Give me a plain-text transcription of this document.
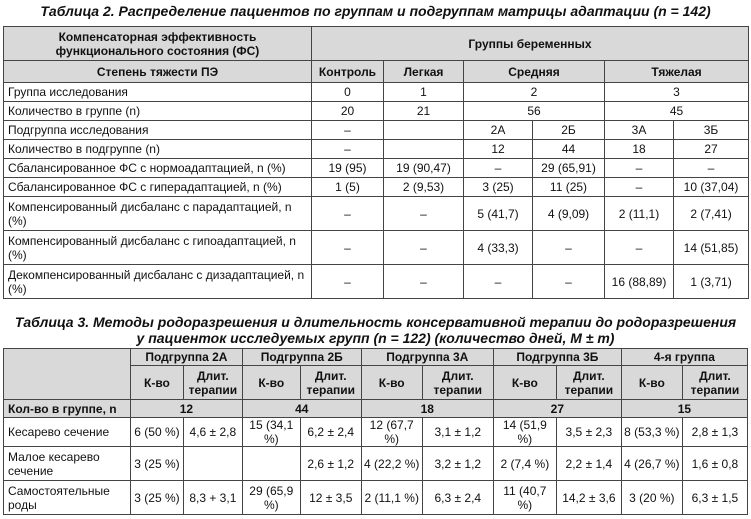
Таблица 2. Распределение пациентов по группам и подгруппам матрицы адаптации (n = 142)
Компенсаторная эффективность функционального состояния (ФС)	Группы беременных					
Степень тяжести ПЭ	Контроль	Легкая	Средняя		Тяжелая	
Группа исследования	0	1	2		3	
Количество в группе (n)	20	21	56		45	
Подгруппа исследования	–		2А	2Б	3А	3Б
Количество в подгруппе (n)	–		12	44	18	27
Сбалансированное ФС с нормоадаптацией, n (%)	19 (95)	19 (90,47)	–	29 (65,91)	–	–
Сбалансированное ФС с гиперадаптацией, n (%)	1 (5)	2 (9,53)	3 (25)	11 (25)	–	10 (37,04)
Компенсированный дисбаланс с парадаптацией, n (%)	–	–	5 (41,7)	4 (9,09)	2 (11,1)	2 (7,41)
Компенсированный дисбаланс с гипоадаптацией, n (%)	–	–	4 (33,3)	–	–	14 (51,85)
Декомпенсированный дисбаланс с дизадаптацией, n (%)	–	–	–	–	16 (88,89)	1 (3,71)
Таблица 3. Методы родоразрешения и длительность консервативной терапии до родоразрешения
у пациенток исследуемых групп (n = 122) (количество дней, M ± m)
	Подгруппа 2А		Подгруппа 2Б		Подгруппа 3А		Подгруппа 3Б		4-я группа	
	К-во	Длит. терапии	К-во	Длит. терапии	К-во	Длит. терапии	К-во	Длит. терапии	К-во	Длит. терапии
Кол-во в группе, n	12		44		18		27		15	
Кесарево сечение	6 (50 %)	4,6 ± 2,8	15 (34,1 %)	6,2 ± 2,4	12 (67,7 %)	3,1 ± 1,2	14 (51,9 %)	3,5 ± 2,3	8 (53,3 %)	2,8 ± 1,3
Малое кесарево сечение	3 (25 %)			2,6 ± 1,2	4 (22,2 %)	3,2 ± 1,2	2 (7,4 %)	2,2 ± 1,4	4 (26,7 %)	1,6 ± 0,8
Самостоятельные роды	3 (25 %)	8,3 + 3,1	29 (65,9 %)	12 ± 3,5	2 (11,1 %)	6,3 ± 2,4	11 (40,7 %)	14,2 ± 3,6	3 (20 %)	6,3 ± 1,5
